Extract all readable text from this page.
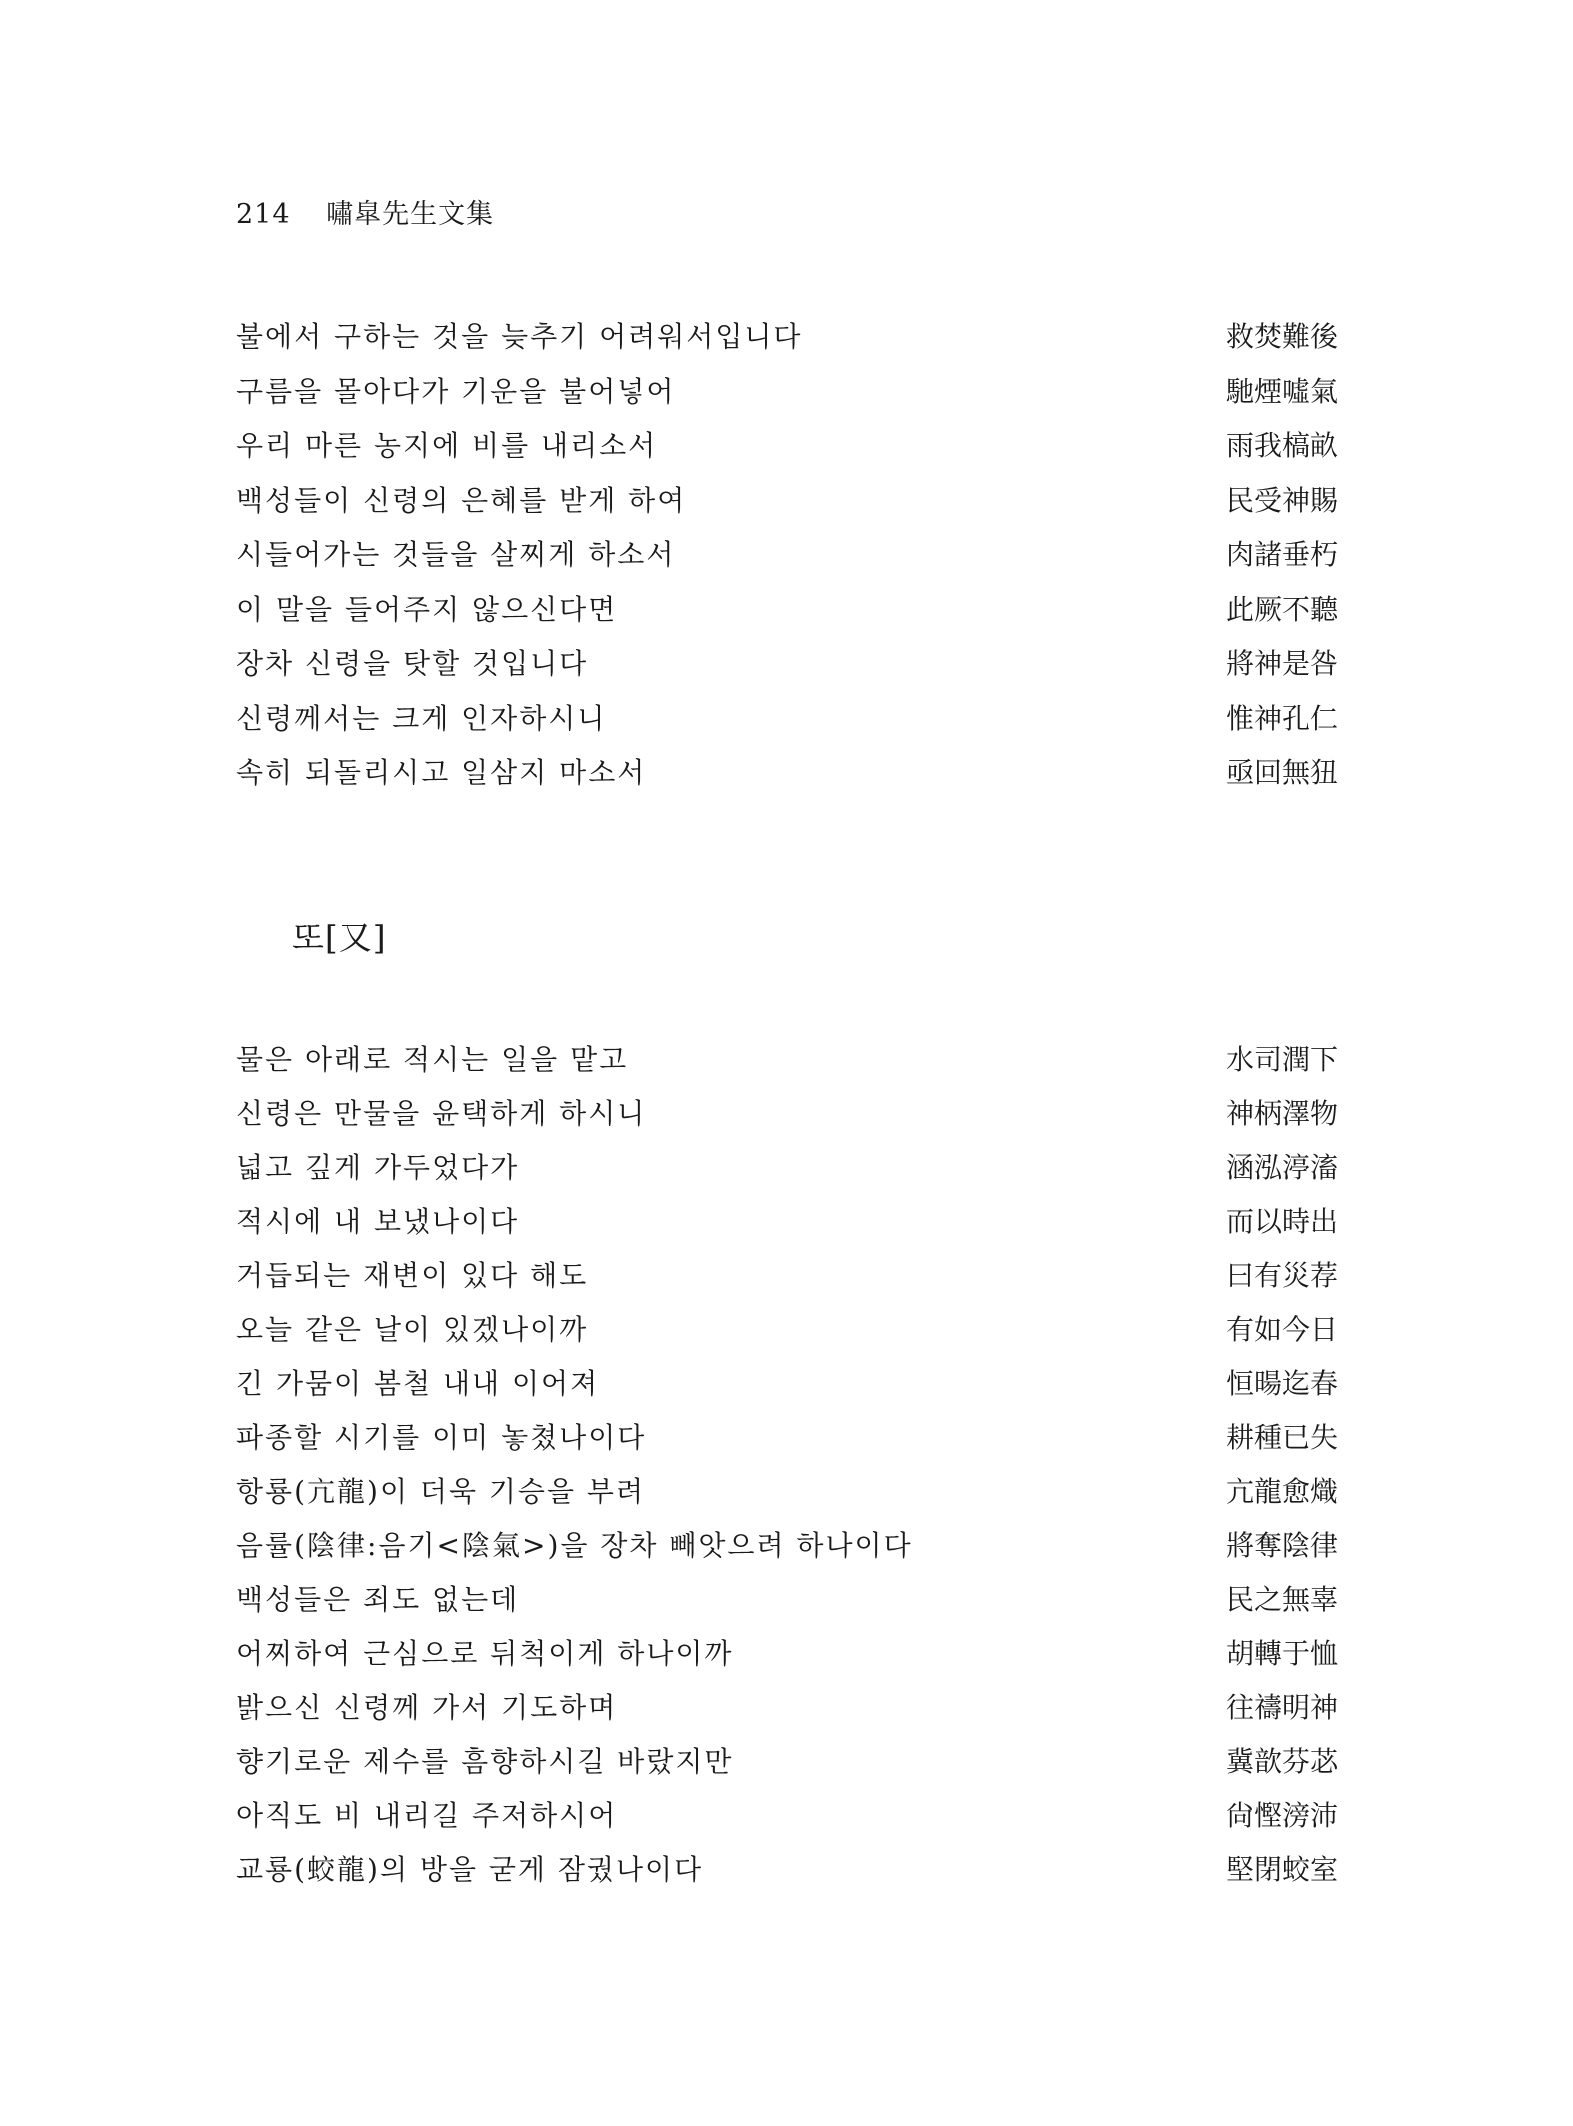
214 嘯皐先生文集
불에서 구하는 것을 늦추기 어려워서입니다	救焚難後
구름을 몰아다가 기운을 불어넣어	馳煙噓氣
우리 마른 농지에 비를 내리소서	雨我槁畝
백성들이 신령의 은혜를 받게 하여	民受神賜
시들어가는 것들을 살찌게 하소서	肉諸垂朽
이 말을 들어주지 않으신다면	此厥不聽
장차 신령을 탓할 것입니다	將神是咎
신령께서는 크게 인자하시니	惟神孔仁
속히 되돌리시고 일삼지 마소서	亟回無狃
또[又]
물은 아래로 적시는 일을 맡고	水司潤下
신령은 만물을 윤택하게 하시니	神柄澤物
넓고 깊게 가두었다가	涵泓渟滀
적시에 내 보냈나이다	而以時出
거듭되는 재변이 있다 해도	曰有災荐
오늘 같은 날이 있겠나이까	有如今日
긴 가뭄이 봄철 내내 이어져	恒暘迄春
파종할 시기를 이미 놓쳤나이다	耕種已失
항룡(亢龍)이 더욱 기승을 부려	亢龍愈熾
음률(陰律:음기<陰氣>)을 장차 빼앗으려 하나이다	將奪陰律
백성들은 죄도 없는데	民之無辜
어찌하여 근심으로 뒤척이게 하나이까	胡轉于恤
밝으신 신령께 가서 기도하며	往禱明神
향기로운 제수를 흠향하시길 바랐지만	冀歆芬苾
아직도 비 내리길 주저하시어	尙慳滂沛
교룡(蛟龍)의 방을 굳게 잠궜나이다	堅閉蛟室
